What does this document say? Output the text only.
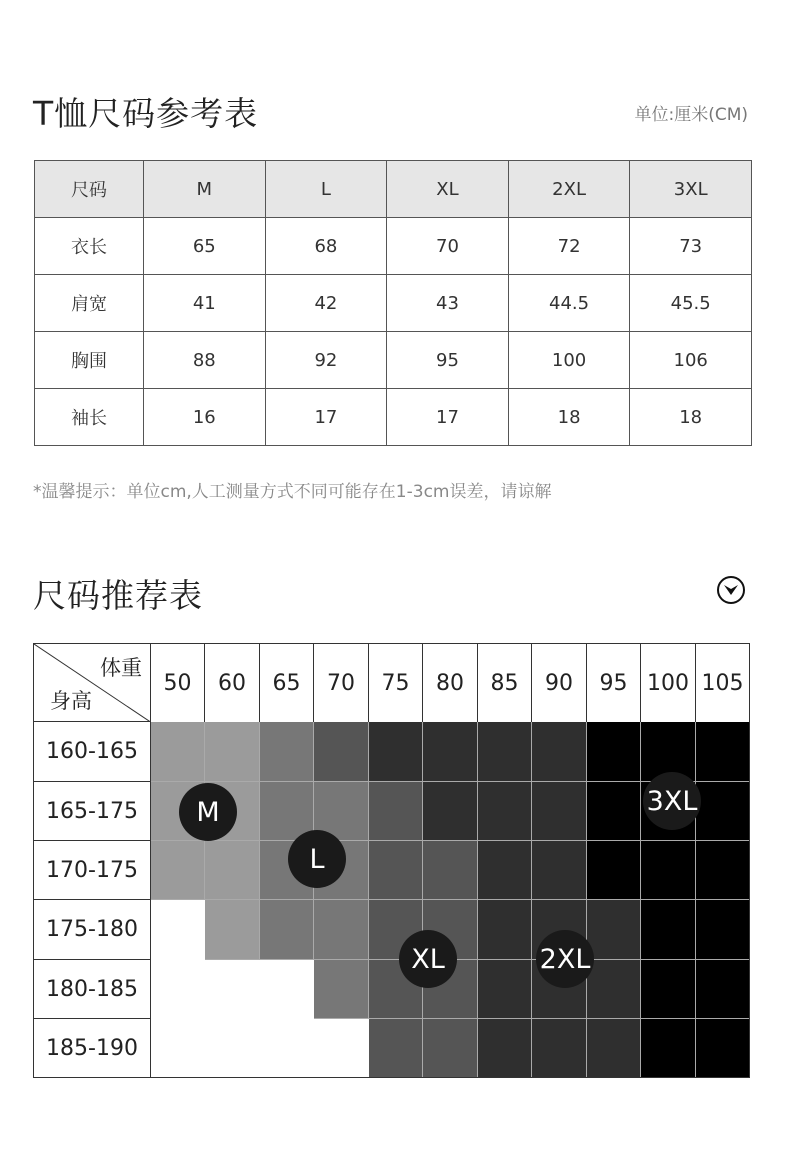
T恤尺码参考表	单位:厘米(CM)
尺码	M	L	XL	2XL	3XL
衣长	65	68	70	72	73
肩宽	41	42	43	44.5	45.5
胸围	88	92	95	100	106
袖长	16	17	17	18	18
*温馨提示：单位cm,人工测量方式不同可能存在1-3cm误差，请谅解
尺码推荐表
体重
身高
50	60	65	70	75	80	85	90	95 100 105
160-165
165-175
170-175
175-180
180-185
185-190
M
L
XL	2XL
3XL
